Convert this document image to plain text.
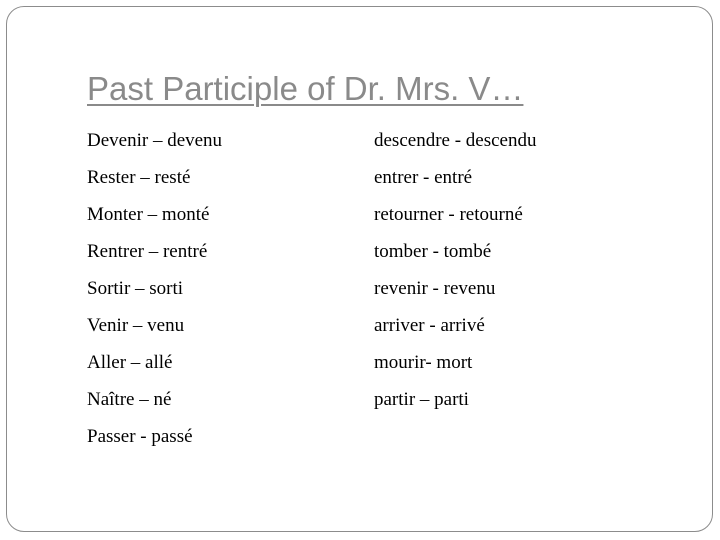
Past Participle of Dr. Mrs. V…
Devenir – devenu
Rester – resté
Monter – monté
Rentrer – rentré
Sortir – sorti
Venir – venu
Aller – allé
Naître – né
Passer - passé
descendre - descendu
entrer - entré
retourner - retourné
tomber - tombé
revenir - revenu
arriver - arrivé
mourir- mort
partir – parti
